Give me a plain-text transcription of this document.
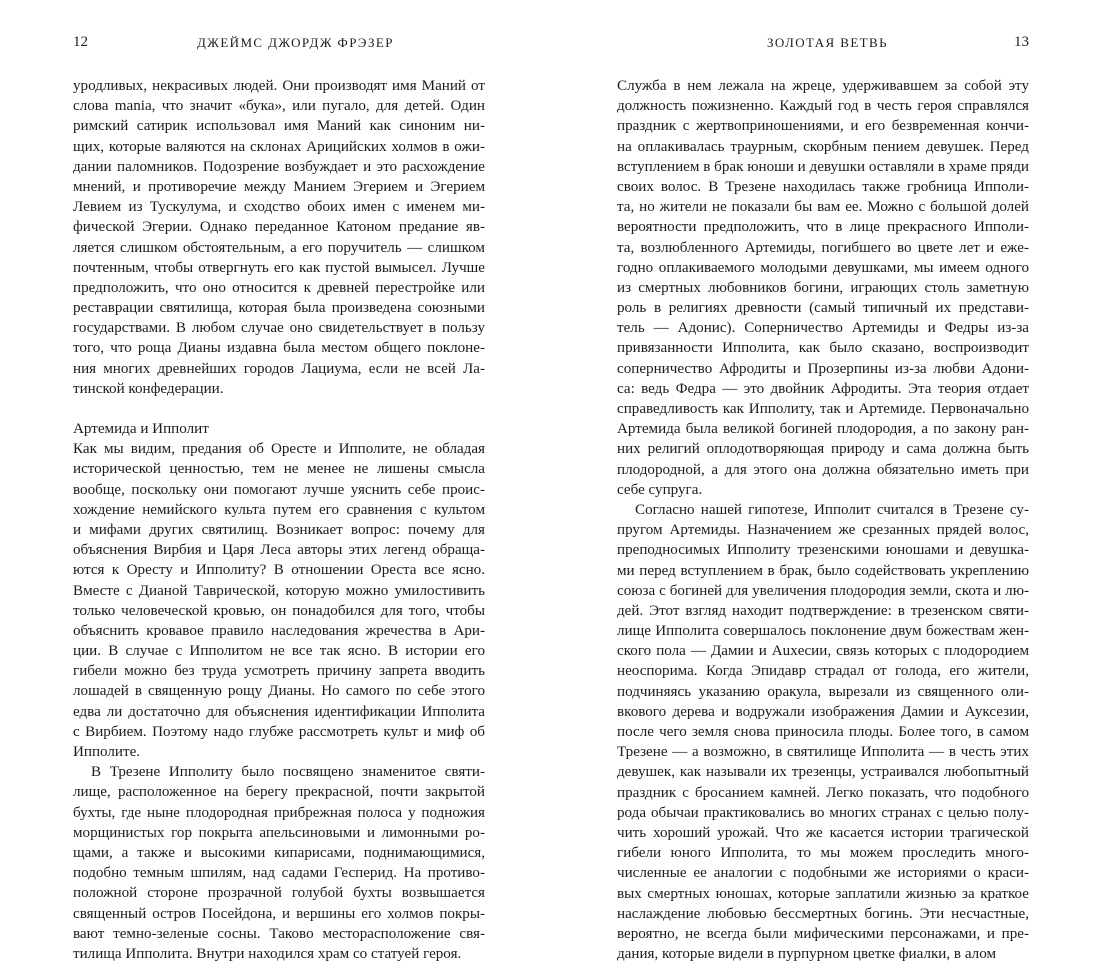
12	ДЖЕЙМС ДЖОРДЖ ФРЭЗЕР
уродливых, некрасивых людей. Они производят имя Маний от
слова mania, что значит «бука», или пугало, для детей. Один
римский сатирик использовал имя Маний как синоним ни-
щих, которые валяются на склонах Арицийских холмов в ожи-
дании паломников. Подозрение возбуждает и это расхождение
мнений, и противоречие между Манием Эгерием и Эгерием
Левием из Тускулума, и сходство обоих имен с именем ми-
фической Эгерии. Однако переданное Катоном предание яв-
ляется слишком обстоятельным, а его поручитель — слишком
почтенным, чтобы отвергнуть его как пустой вымысел. Лучше
предположить, что оно относится к древней перестройке или
реставрации святилища, которая была произведена союзными
государствами. В любом случае оно свидетельствует в пользу
того, что роща Дианы издавна была местом общего поклоне-
ния многих древнейших городов Лациума, если не всей Ла-
тинской конфедерации.
Артемида и Ипполит
Как мы видим, предания об Оресте и Ипполите, не обладая
исторической ценностью, тем не менее не лишены смысла
вообще, поскольку они помогают лучше уяснить себе проис-
хождение немийского культа путем его сравнения с культом
и мифами других святилищ. Возникает вопрос: почему для
объяснения Вирбия и Царя Леса авторы этих легенд обраща-
ются к Оресту и Ипполиту? В отношении Ореста все ясно.
Вместе с Дианой Таврической, которую можно умилостивить
только человеческой кровью, он понадобился для того, чтобы
объяснить кровавое правило наследования жречества в Ари-
ции. В случае с Ипполитом не все так ясно. В истории его
гибели можно без труда усмотреть причину запрета вводить
лошадей в священную рощу Дианы. Но самого по себе этого
едва ли достаточно для объяснения идентификации Ипполита
с Вирбием. Поэтому надо глубже рассмотреть культ и миф об
Ипполите.
В Трезене Ипполиту было посвящено знаменитое святи-
лище, расположенное на берегу прекрасной, почти закрытой
бухты, где ныне плодородная прибрежная полоса у подножия
морщинистых гор покрыта апельсиновыми и лимонными ро-
щами, а также и высокими кипарисами, поднимающимися,
подобно темным шпилям, над садами Гесперид. На противо-
положной стороне прозрачной голубой бухты возвышается
священный остров Посейдона, и вершины его холмов покры-
вают темно-зеленые сосны. Таково месторасположение свя-
тилища Ипполита. Внутри находился храм со статуей героя.
ЗОЛОТАЯ ВЕТВЬ	13
Служба в нем лежала на жреце, удерживавшем за собой эту
должность пожизненно. Каждый год в честь героя справлялся
праздник с жертвоприношениями, и его безвременная кончи-
на оплакивалась траурным, скорбным пением девушек. Перед
вступлением в брак юноши и девушки оставляли в храме пряди
своих волос. В Трезене находилась также гробница Ипполи-
та, но жители не показали бы вам ее. Можно с большой долей
вероятности предположить, что в лице прекрасного Ипполи-
та, возлюбленного Артемиды, погибшего во цвете лет и еже-
годно оплакиваемого молодыми девушками, мы имеем одного
из смертных любовников богини, играющих столь заметную
роль в религиях древности (самый типичный их представи-
тель — Адонис). Соперничество Артемиды и Федры из-за
привязанности Ипполита, как было сказано, воспроизводит
соперничество Афродиты и Прозерпины из-за любви Адони-
са: ведь Федра — это двойник Афродиты. Эта теория отдает
справедливость как Ипполиту, так и Артемиде. Первоначально
Артемида была великой богиней плодородия, а по закону ран-
них религий оплодотворяющая природу и сама должна быть
плодородной, а для этого она должна обязательно иметь при
себе супруга.
Согласно нашей гипотезе, Ипполит считался в Трезене су-
пругом Артемиды. Назначением же срезанных прядей волос,
преподносимых Ипполиту трезенскими юношами и девушка-
ми перед вступлением в брак, было содействовать укреплению
союза с богиней для увеличения плодородия земли, скота и лю-
дей. Этот взгляд находит подтверждение: в трезенском святи-
лище Ипполита совершалось поклонение двум божествам жен-
ского пола — Дамии и Auxecии, связь которых с плодородием
неоспорима. Когда Эпидавр страдал от голода, его жители,
подчиняясь указанию оракула, вырезали из священного оли-
вкового дерева и водружали изображения Дамии и Ауксезии,
после чего земля снова приносила плоды. Более того, в самом
Трезене — а возможно, в святилище Ипполита — в честь этих
девушек, как называли их трезенцы, устраивался любопытный
праздник с бросанием камней. Легко показать, что подобного
рода обычаи практиковались во многих странах с целью полу-
чить хороший урожай. Что же касается истории трагической
гибели юного Ипполита, то мы можем проследить много-
численные ее аналогии с подобными же историями о краси-
вых смертных юношах, которые заплатили жизнью за краткое
наслаждение любовью бессмертных богинь. Эти несчастные,
вероятно, не всегда были мифическими персонажами, и пре-
дания, которые видели в пурпурном цветке фиалки, в алом
